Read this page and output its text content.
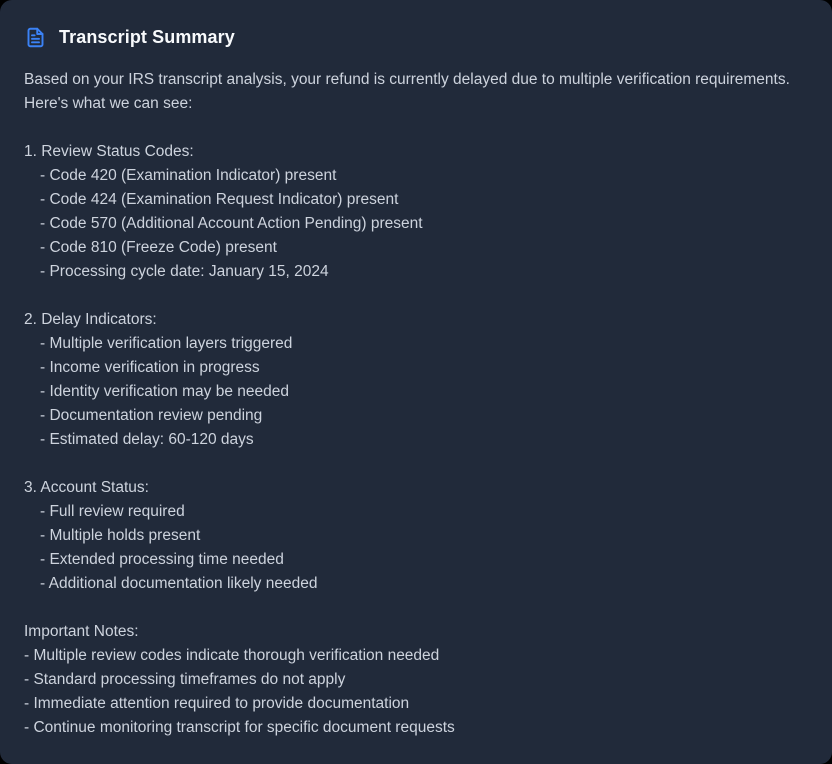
Transcript Summary

Based on your IRS transcript analysis, your refund is currently delayed due to multiple verification requirements. Here's what we can see:

1. Review Status Codes:
- Code 420 (Examination Indicator) present
- Code 424 (Examination Request Indicator) present
- Code 570 (Additional Account Action Pending) present
- Code 810 (Freeze Code) present
- Processing cycle date: January 15, 2024
2. Delay Indicators:
- Multiple verification layers triggered
- Income verification in progress
- Identity verification may be needed
- Documentation review pending
- Estimated delay: 60-120 days
3. Account Status:
- Full review required
- Multiple holds present
- Extended processing time needed
- Additional documentation likely needed
Important Notes:
- Multiple review codes indicate thorough verification needed
- Standard processing timeframes do not apply
- Immediate attention required to provide documentation
- Continue monitoring transcript for specific document requests
